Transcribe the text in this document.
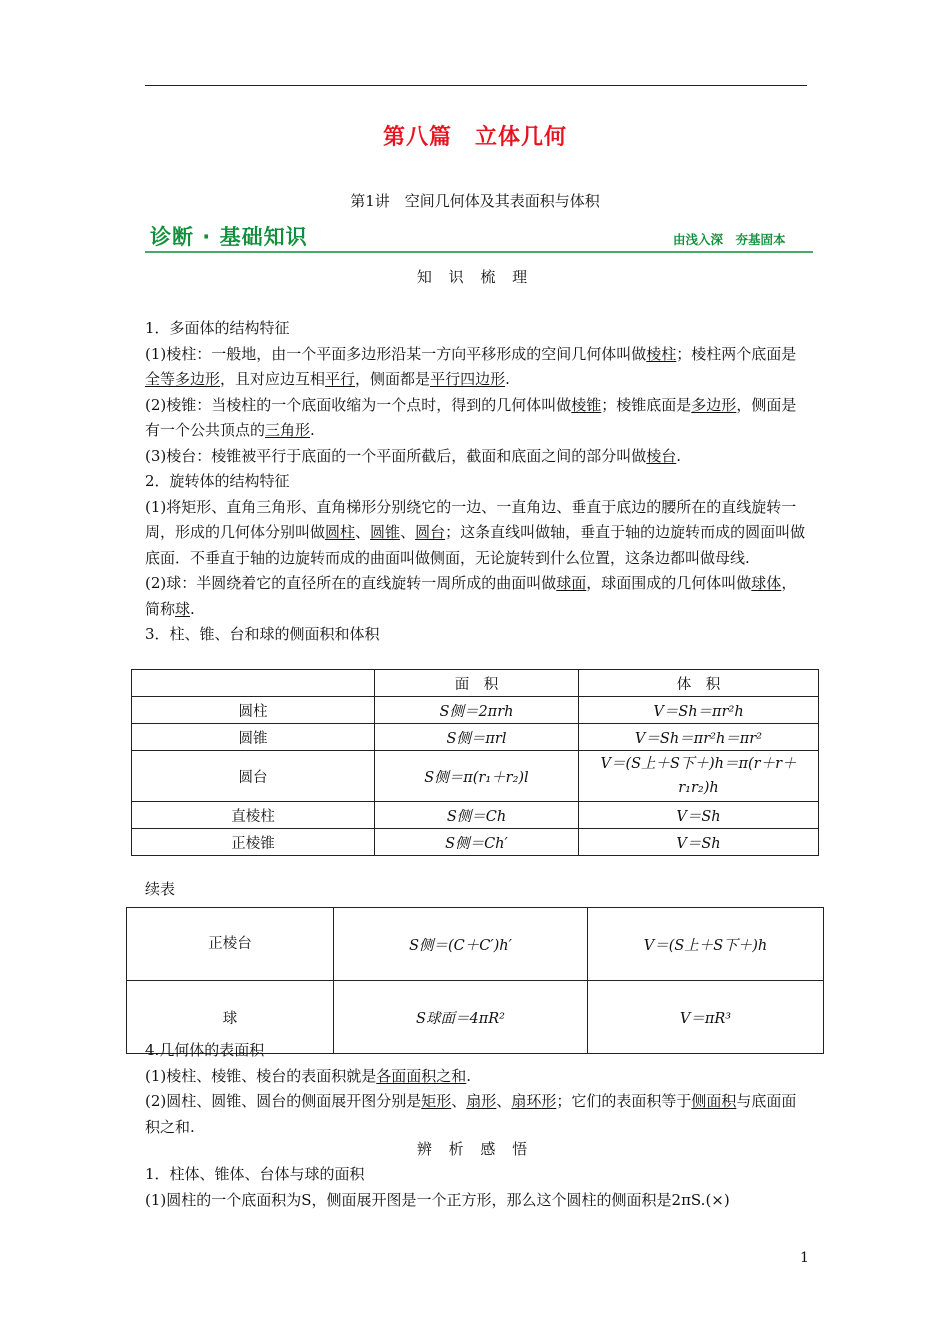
第八篇　立体几何
第1讲　空间几何体及其表面积与体积
诊断 · 基础知识	由浅入深　夯基固本
知 识 梳 理
1．多面体的结构特征
(1)棱柱：一般地，由一个平面多边形沿某一方向平移形成的空间几何体叫做棱柱；棱柱两个底面是全等多边形，且对应边互相平行，侧面都是平行四边形.
(2)棱锥：当棱柱的一个底面收缩为一个点时，得到的几何体叫做棱锥；棱锥底面是多边形，侧面是有一个公共顶点的三角形.
(3)棱台：棱锥被平行于底面的一个平面所截后，截面和底面之间的部分叫做棱台.
2．旋转体的结构特征
(1)将矩形、直角三角形、直角梯形分别绕它的一边、一直角边、垂直于底边的腰所在的直线旋转一周，形成的几何体分别叫做圆柱、圆锥、圆台；这条直线叫做轴，垂直于轴的边旋转而成的圆面叫做底面．不垂直于轴的边旋转而成的曲面叫做侧面，无论旋转到什么位置，这条边都叫做母线.
(2)球：半圆绕着它的直径所在的直线旋转一周所成的曲面叫做球面，球面围成的几何体叫做球体，简称球.
3．柱、锥、台和球的侧面积和体积
	面　积	体　积
圆柱	S侧＝2πrh	V＝Sh＝πr²h
圆锥	S侧＝πrl	V＝Sh＝πr²h＝πr²
圆台	S侧＝π(r₁＋r₂)l	V＝(S上＋S下＋)h＝π(r＋r＋r₁r₂)h
直棱柱	S侧＝Ch	V＝Sh
正棱锥	S侧＝Ch′	V＝Sh
续表
正棱台	S侧＝(C＋C′)h′	V＝(S上＋S下＋)h
球	S球面＝4πR²	V＝πR³
4.几何体的表面积
(1)棱柱、棱锥、棱台的表面积就是各面面积之和.
(2)圆柱、圆锥、圆台的侧面展开图分别是矩形、扇形、扇环形；它们的表面积等于侧面积与底面面积之和.
辨 析 感 悟
1．柱体、锥体、台体与球的面积
(1)圆柱的一个底面积为S，侧面展开图是一个正方形，那么这个圆柱的侧面积是2πS.(×)
1
